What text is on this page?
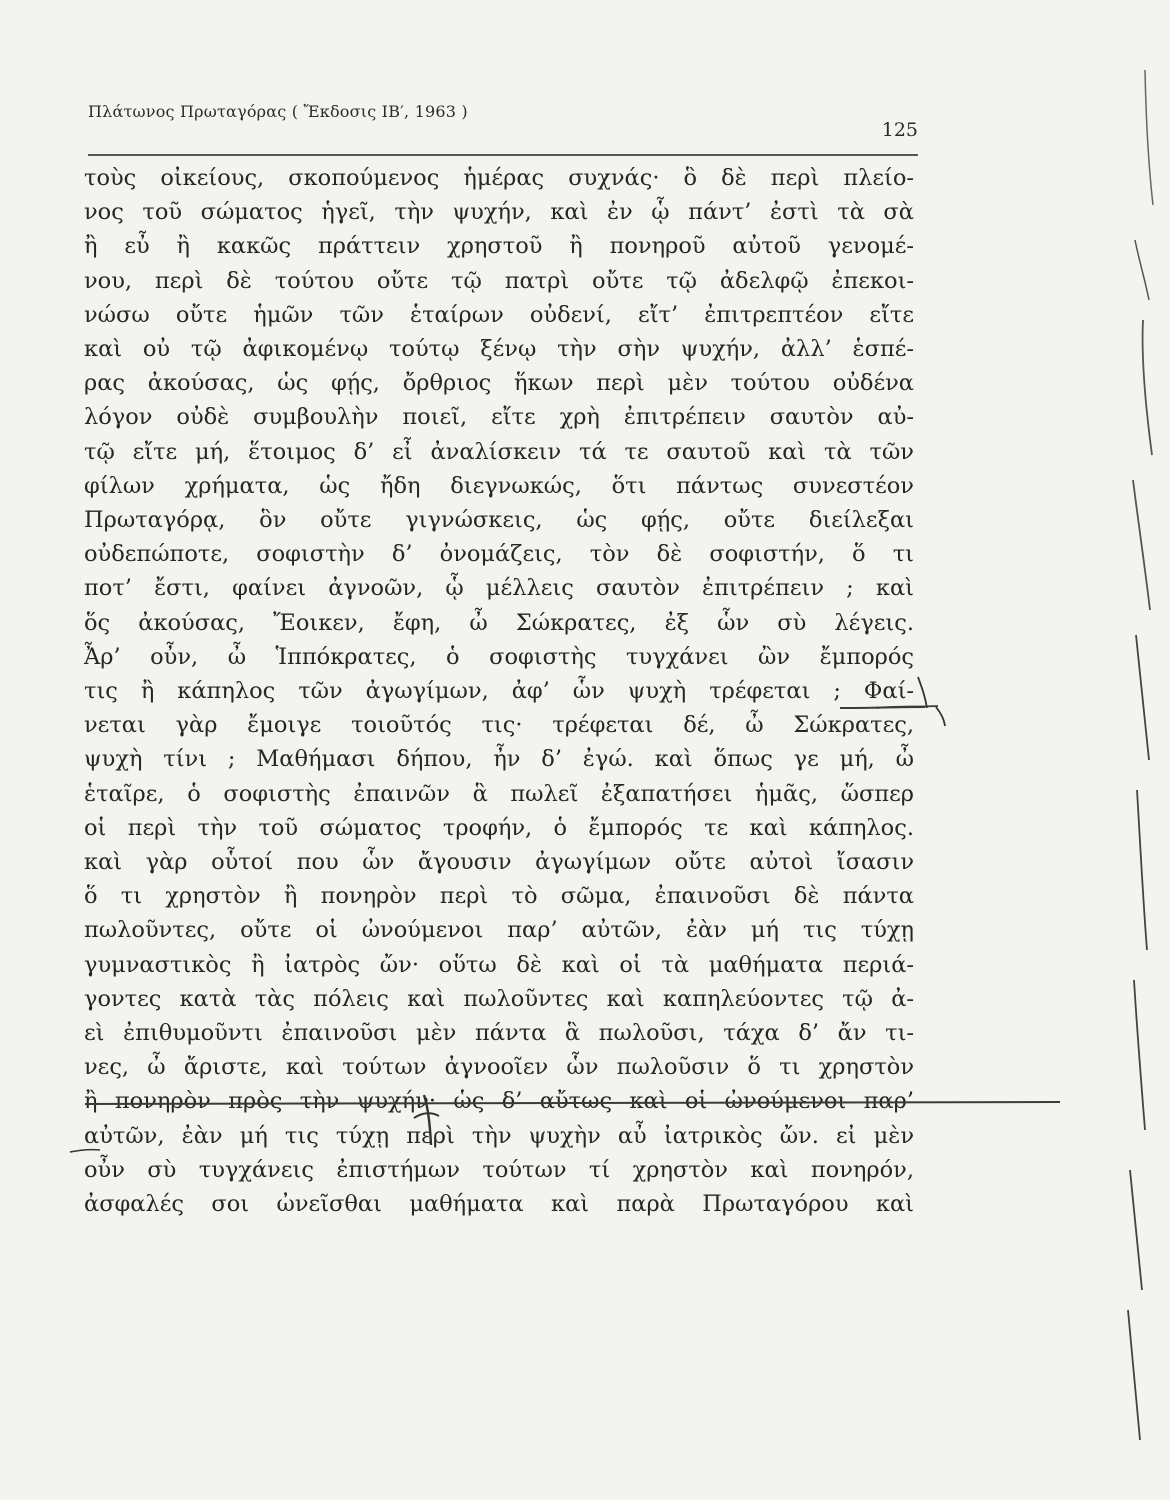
Πλάτωνος Πρωταγόρας ( Ἔκδοσις ΙΒ′, 1963 )
125
τοὺς οἰκείους, σκοπούμενος ἡμέρας συχνάς· ὃ δὲ περὶ πλείο-
νος τοῦ σώματος ἡγεῖ, τὴν ψυχήν, καὶ ἐν ᾧ πάντ’ ἐστὶ τὰ σὰ
ἢ εὖ ἢ κακῶς πράττειν χρηστοῦ ἢ πονηροῦ αὐτοῦ γενομέ-
νου, περὶ δὲ τούτου οὔτε τῷ πατρὶ οὔτε τῷ ἀδελφῷ ἐπεκοι-
νώσω οὔτε ἡμῶν τῶν ἑταίρων οὐδενί, εἴτ’ ἐπιτρεπτέον εἴτε
καὶ οὐ τῷ ἀφικομένῳ τούτῳ ξένῳ τὴν σὴν ψυχήν, ἀλλ’ ἑσπέ-
ρας ἀκούσας, ὡς φῄς, ὄρθριος ἥκων περὶ μὲν τούτου οὐδένα
λόγον οὐδὲ συμβουλὴν ποιεῖ, εἴτε χρὴ ἐπιτρέπειν σαυτὸν αὐ-
τῷ εἴτε μή, ἕτοιμος δ’ εἶ ἀναλίσκειν τά τε σαυτοῦ καὶ τὰ τῶν
φίλων χρήματα, ὡς ἤδη διεγνωκώς, ὅτι πάντως συνεστέον
Πρωταγόρᾳ, ὃν οὔτε γιγνώσκεις, ὡς φῄς, οὔτε διείλεξαι
οὐδεπώποτε, σοφιστὴν δ’ ὀνομάζεις, τὸν δὲ σοφιστήν, ὅ τι
ποτ’ ἔστι, φαίνει ἀγνοῶν, ᾧ μέλλεις σαυτὸν ἐπιτρέπειν ; καὶ
ὅς ἀκούσας, Ἔοικεν, ἔφη, ὦ Σώκρατες, ἐξ ὧν σὺ λέγεις.
Ἆρ’ οὖν, ὦ Ἱππόκρατες, ὁ σοφιστὴς τυγχάνει ὢν ἔμπορός
τις ἢ κάπηλος τῶν ἀγωγίμων, ἀφ’ ὧν ψυχὴ τρέφεται ; Φαί-
νεται γὰρ ἔμοιγε τοιοῦτός τις· τρέφεται δέ, ὦ Σώκρατες,
ψυχὴ τίνι ; Μαθήμασι δήπου, ἦν δ’ ἐγώ. καὶ ὅπως γε μή, ὦ
ἑταῖρε, ὁ σοφιστὴς ἐπαινῶν ἃ πωλεῖ ἐξαπατήσει ἡμᾶς, ὥσπερ
οἱ περὶ τὴν τοῦ σώματος τροφήν, ὁ ἔμπορός τε καὶ κάπηλος.
καὶ γὰρ οὗτοί που ὧν ἄγουσιν ἀγωγίμων οὔτε αὐτοὶ ἴσασιν
ὅ τι χρηστὸν ἢ πονηρὸν περὶ τὸ σῶμα, ἐπαινοῦσι δὲ πάντα
πωλοῦντες, οὔτε οἱ ὠνούμενοι παρ’ αὐτῶν, ἐὰν μή τις τύχῃ
γυμναστικὸς ἢ ἰατρὸς ὤν· οὕτω δὲ καὶ οἱ τὰ μαθήματα περιά-
γοντες κατὰ τὰς πόλεις καὶ πωλοῦντες καὶ καπηλεύοντες τῷ ἀ-
εὶ ἐπιθυμοῦντι ἐπαινοῦσι μὲν πάντα ἃ πωλοῦσι, τάχα δ’ ἄν τι-
νες, ὦ ἄριστε, καὶ τούτων ἀγνοοῖεν ὧν πωλοῦσιν ὅ τι χρηστὸν
ἢ πονηρὸν πρὸς τὴν ψυχήν· ὡς δ’ αὔτως καὶ οἱ ὠνούμενοι παρ’
αὐτῶν, ἐὰν μή τις τύχῃ περὶ τὴν ψυχὴν αὖ ἰατρικὸς ὤν. εἰ μὲν
οὖν σὺ τυγχάνεις ἐπιστήμων τούτων τί χρηστὸν καὶ πονηρόν,
ἀσφαλές σοι ὠνεῖσθαι μαθήματα καὶ παρὰ Πρωταγόρου καὶ
